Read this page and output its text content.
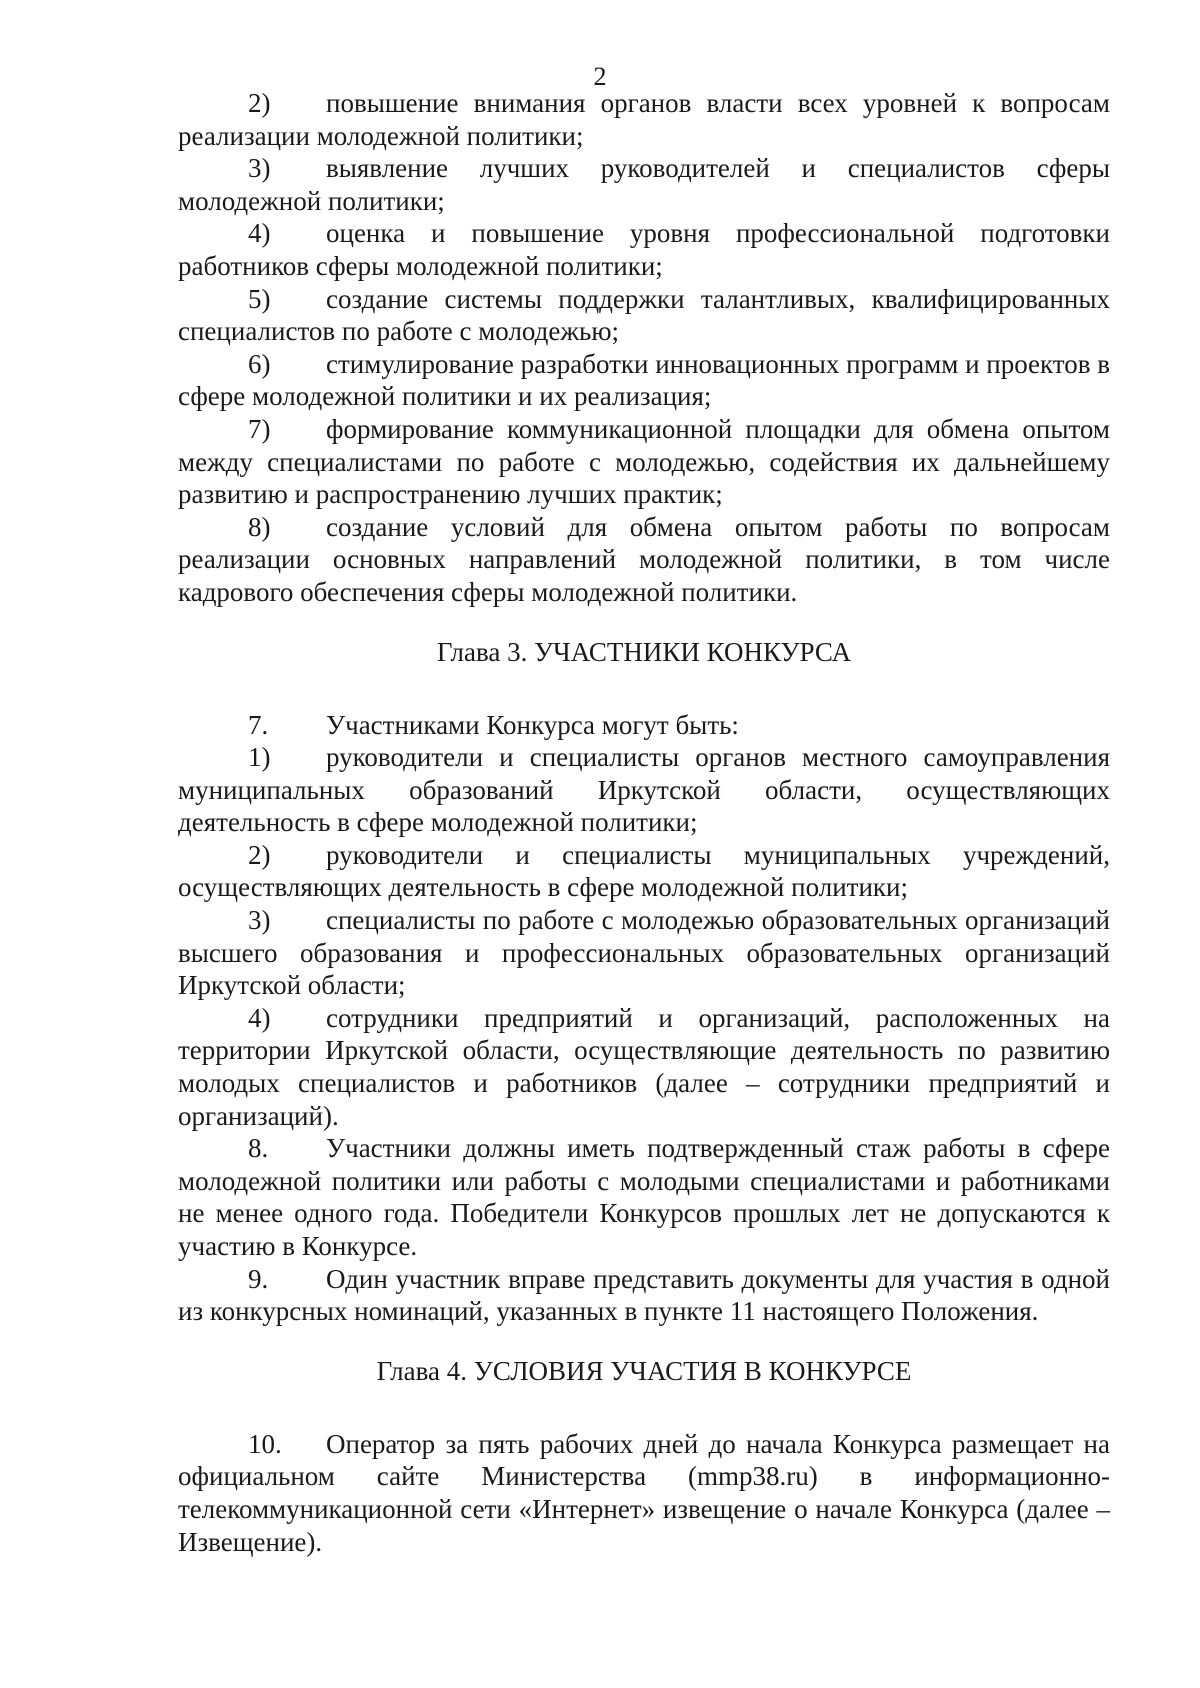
2

2) повышение внимания органов власти всех уровней к вопросам реализации молодежной политики;

3) выявление лучших руководителей и специалистов сферы молодежной политики;

4) оценка и повышение уровня профессиональной подготовки работников сферы молодежной политики;

5) создание системы поддержки талантливых, квалифицированных специалистов по работе с молодежью;

6) стимулирование разработки инновационных программ и проектов в сфере молодежной политики и их реализация;

7) формирование коммуникационной площадки для обмена опытом между специалистами по работе с молодежью, содействия их дальнейшему развитию и распространению лучших практик;

8) создание условий для обмена опытом работы по вопросам реализации основных направлений молодежной политики, в том числе кадрового обеспечения сферы молодежной политики.

Глава 3. УЧАСТНИКИ КОНКУРСА

7. Участниками Конкурса могут быть:

1) руководители и специалисты органов местного самоуправления муниципальных образований Иркутской области, осуществляющих деятельность в сфере молодежной политики;

2) руководители и специалисты муниципальных учреждений, осуществляющих деятельность в сфере молодежной политики;

3) специалисты по работе с молодежью образовательных организаций высшего образования и профессиональных образовательных организаций Иркутской области;

4) сотрудники предприятий и организаций, расположенных на территории Иркутской области, осуществляющие деятельность по развитию молодых специалистов и работников (далее – сотрудники предприятий и организаций).

8. Участники должны иметь подтвержденный стаж работы в сфере молодежной политики или работы с молодыми специалистами и работниками не менее одного года. Победители Конкурсов прошлых лет не допускаются к участию в Конкурсе.

9. Один участник вправе представить документы для участия в одной из конкурсных номинаций, указанных в пункте 11 настоящего Положения.

Глава 4. УСЛОВИЯ УЧАСТИЯ В КОНКУРСЕ

10. Оператор за пять рабочих дней до начала Конкурса размещает на официальном сайте Министерства (mmp38.ru) в информационно-телекоммуникационной сети «Интернет» извещение о начале Конкурса (далее – Извещение).
